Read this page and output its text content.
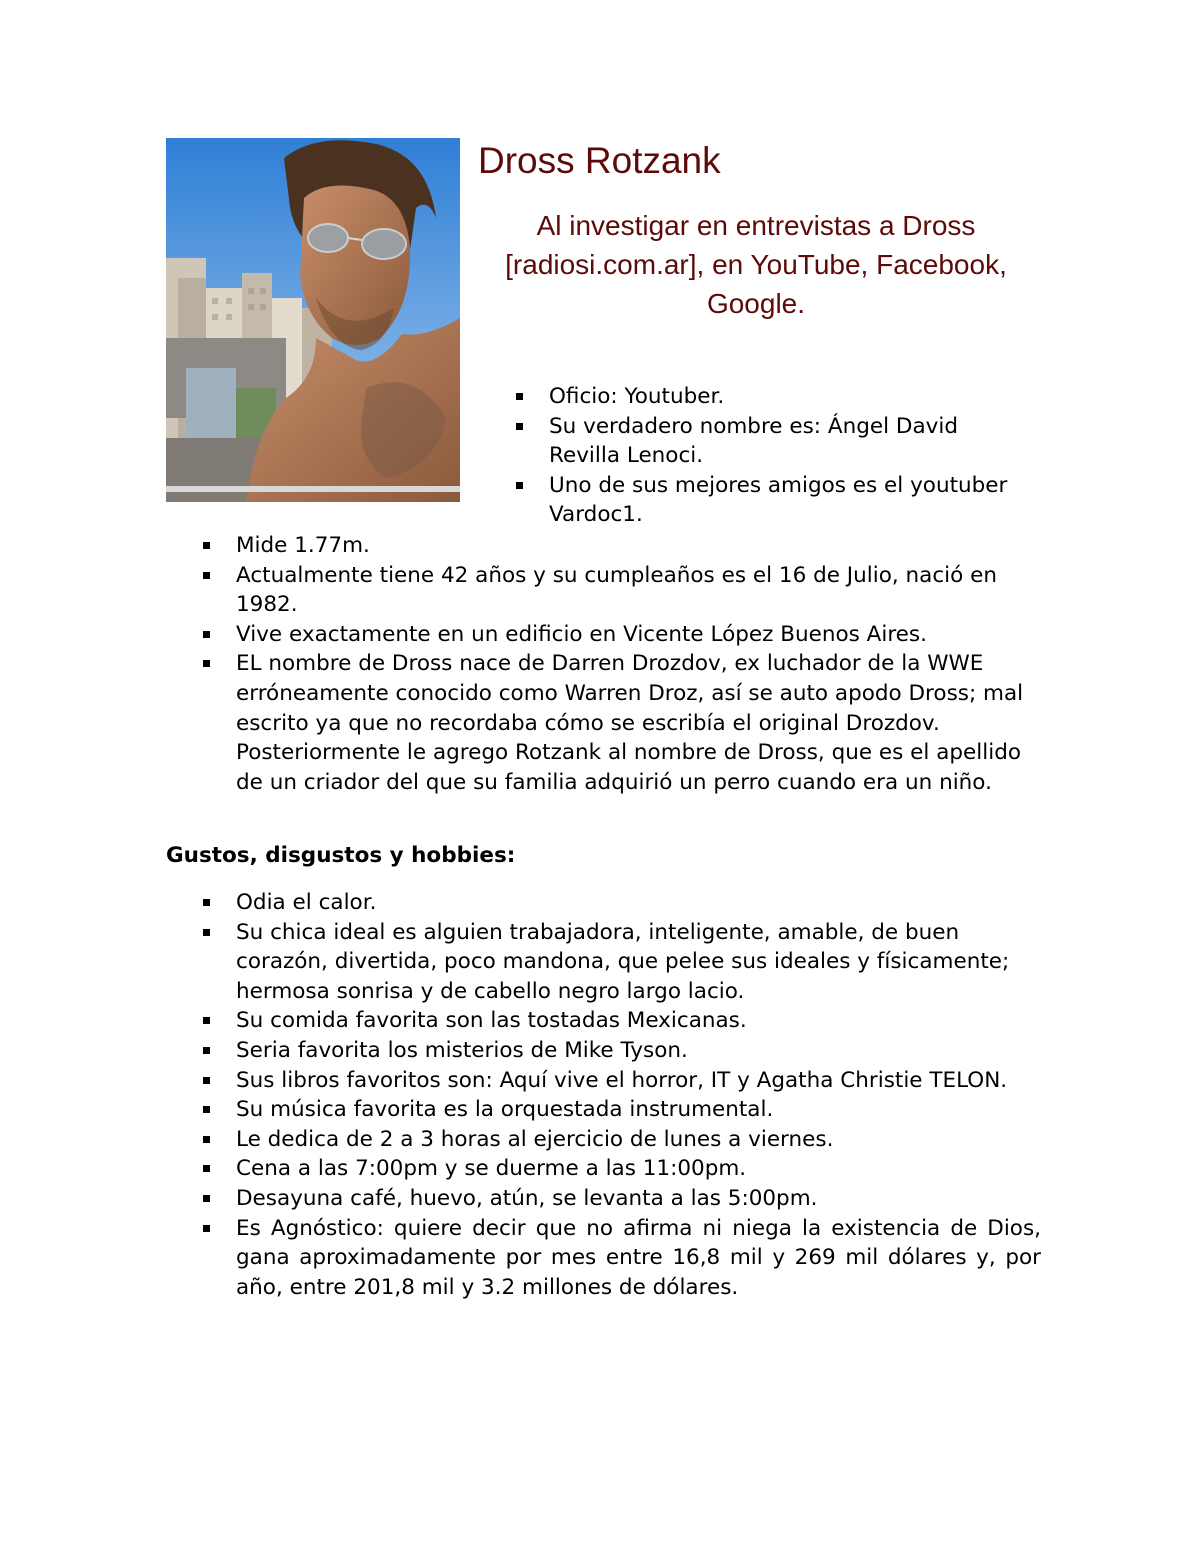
Dross Rotzank
Al investigar en entrevistas a Dross [radiosi.com.ar], en YouTube, Facebook, Google.
Oficio: Youtuber.
Su verdadero nombre es: Ángel David Revilla Lenoci.
Uno de sus mejores amigos es el youtuber Vardoc1.
Mide 1.77m.
Actualmente tiene 42 años y su cumpleaños es el 16 de Julio, nació en 1982.
Vive exactamente en un edificio en Vicente López Buenos Aires.
EL nombre de Dross nace de Darren Drozdov, ex luchador de la WWE erróneamente conocido como Warren Droz, así se auto apodo Dross; mal escrito ya que no recordaba cómo se escribía el original Drozdov. Posteriormente le agrego Rotzank al nombre de Dross, que es el apellido de un criador del que su familia adquirió un perro cuando era un niño.
Gustos, disgustos y hobbies:
Odia el calor.
Su chica ideal es alguien trabajadora, inteligente, amable, de buen corazón, divertida, poco mandona, que pelee sus ideales y físicamente; hermosa sonrisa y de cabello negro largo lacio.
Su comida favorita son las tostadas Mexicanas.
Seria favorita los misterios de Mike Tyson.
Sus libros favoritos son: Aquí vive el horror, IT y Agatha Christie TELON.
Su música favorita es la orquestada instrumental.
Le dedica de 2 a 3 horas al ejercicio de lunes a viernes.
Cena a las 7:00pm y se duerme a las 11:00pm.
Desayuna café, huevo, atún, se levanta a las 5:00pm.
Es Agnóstico: quiere decir que no afirma ni niega la existencia de Dios, gana aproximadamente por mes entre 16,8 mil y 269 mil dólares y, por año, entre 201,8 mil y 3.2 millones de dólares.
